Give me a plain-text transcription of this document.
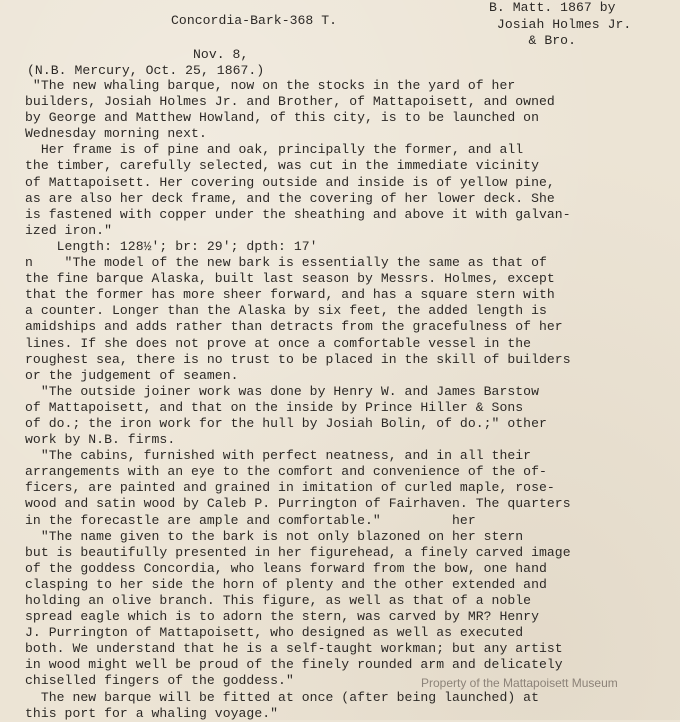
Concordia-Bark-368 T.
B. Matt. 1867 by
Josiah Holmes Jr.
& Bro.
Nov. 8,
(N.B. Mercury, Oct. 25, 1867.)
"The new whaling barque, now on the stocks in the yard of her
builders, Josiah Holmes Jr. and Brother, of Mattapoisett, and owned
by George and Matthew Howland, of this city, is to be launched on
Wednesday morning next.
Her frame is of pine and oak, principally the former, and all
the timber, carefully selected, was cut in the immediate vicinity
of Mattapoisett. Her covering outside and inside is of yellow pine,
as are also her deck frame, and the covering of her lower deck. She
is fastened with copper under the sheathing and above it with galvan-
ized iron."
Length: 128½'; br: 29'; dpth: 17'
n    "The model of the new bark is essentially the same as that of
the fine barque Alaska, built last season by Messrs. Holmes, except
that the former has more sheer forward, and has a square stern with
a counter. Longer than the Alaska by six feet, the added length is
amidships and adds rather than detracts from the gracefulness of her
lines. If she does not prove at once a comfortable vessel in the
roughest sea, there is no trust to be placed in the skill of builders
or the judgement of seamen.
"The outside joiner work was done by Henry W. and James Barstow
of Mattapoisett, and that on the inside by Prince Hiller & Sons
of do.; the iron work for the hull by Josiah Bolin, of do.;" other
work by N.B. firms.
"The cabins, furnished with perfect neatness, and in all their
arrangements with an eye to the comfort and convenience of the of-
ficers, are painted and grained in imitation of curled maple, rose-
wood and satin wood by Caleb P. Purrington of Fairhaven. The quarters
in the forecastle are ample and comfortable."         her
"The name given to the bark is not only blazoned on her stern
but is beautifully presented in her figurehead, a finely carved image
of the goddess Concordia, who leans forward from the bow, one hand
clasping to her side the horn of plenty and the other extended and
holding an olive branch. This figure, as well as that of a noble
spread eagle which is to adorn the stern, was carved by MR? Henry
J. Purrington of Mattapoisett, who designed as well as executed
both. We understand that he is a self-taught workman; but any artist
in wood might well be proud of the finely rounded arm and delicately
chiselled fingers of the goddess."
The new barque will be fitted at once (after being launched) at
this port for a whaling voyage."
Property of the Mattapoisett Museum
